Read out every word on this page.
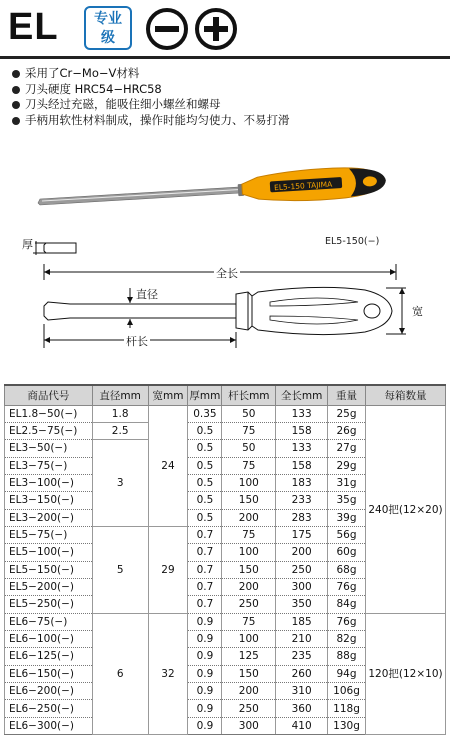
EL	专业
级
采用了Cr−Mo−V材料
刀头硬度 HRC54−HRC58
刀头经过充磁，能吸住细小螺丝和螺母
手柄用软性材料制成，操作时能均匀使力、不易打滑
EL5-150 TAJIMA
EL5-150(−)
厚
全长
直径
杆长
宽
商品代号	直径mm	宽mm	厚mm	杆长mm	全长mm	重量	每箱数量
EL1.8−50(−)	1.8	24	0.35	50	133	25g	240把(12×20)
EL2.5−75(−)	2.5		0.5	75	158	26g	
EL3−50(−)	3		0.5	50	133	27g	
EL3−75(−)			0.5	75	158	29g	
EL3−100(−)			0.5	100	183	31g	
EL3−150(−)			0.5	150	233	35g	
EL3−200(−)			0.5	200	283	39g	
EL5−75(−)	5	29	0.7	75	175	56g	
EL5−100(−)			0.7	100	200	60g	
EL5−150(−)			0.7	150	250	68g	
EL5−200(−)			0.7	200	300	76g	
EL5−250(−)			0.7	250	350	84g	
EL6−75(−)	6	32	0.9	75	185	76g	120把(12×10)
EL6−100(−)			0.9	100	210	82g	
EL6−125(−)			0.9	125	235	88g	
EL6−150(−)			0.9	150	260	94g	
EL6−200(−)			0.9	200	310	106g	
EL6−250(−)			0.9	250	360	118g	
EL6−300(−)			0.9	300	410	130g	
